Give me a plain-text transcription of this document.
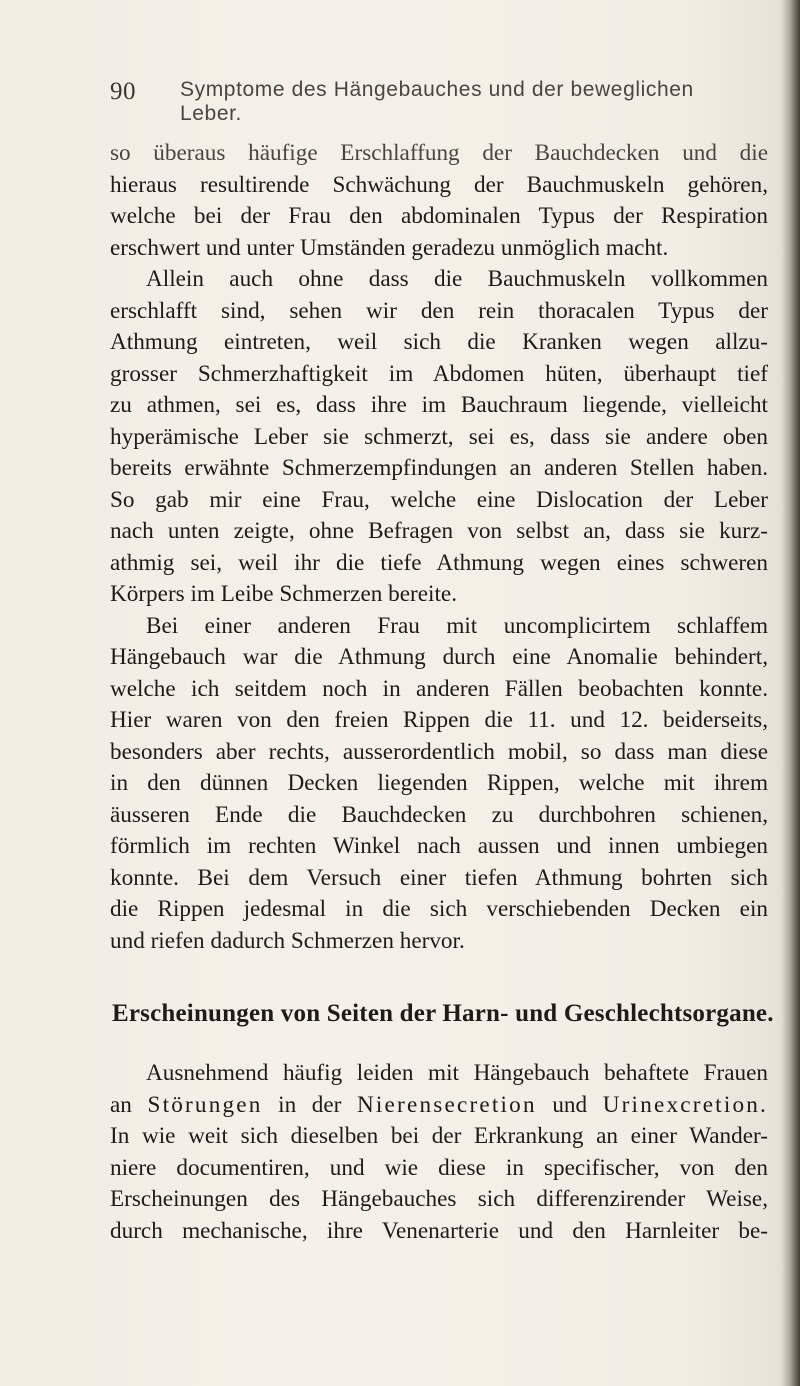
90 Symptome des Hängebauches und der beweglichen Leber.

so überaus häufige Erschlaffung der Bauchdecken und die
hieraus resultirende Schwächung der Bauchmuskeln gehören,
welche bei der Frau den abdominalen Typus der Respiration
erschwert und unter Umständen geradezu unmöglich macht.

Allein auch ohne dass die Bauchmuskeln vollkommen
erschlafft sind, sehen wir den rein thoracalen Typus der
Athmung eintreten, weil sich die Kranken wegen allzu-
grosser Schmerzhaftigkeit im Abdomen hüten, überhaupt tief
zu athmen, sei es, dass ihre im Bauchraum liegende, vielleicht
hyperämische Leber sie schmerzt, sei es, dass sie andere oben
bereits erwähnte Schmerzempfindungen an anderen Stellen haben.
So gab mir eine Frau, welche eine Dislocation der Leber
nach unten zeigte, ohne Befragen von selbst an, dass sie kurz-
athmig sei, weil ihr die tiefe Athmung wegen eines schweren
Körpers im Leibe Schmerzen bereite.

Bei einer anderen Frau mit uncomplicirtem schlaffem
Hängebauch war die Athmung durch eine Anomalie behindert,
welche ich seitdem noch in anderen Fällen beobachten konnte.
Hier waren von den freien Rippen die 11. und 12. beiderseits,
besonders aber rechts, ausserordentlich mobil, so dass man diese
in den dünnen Decken liegenden Rippen, welche mit ihrem
äusseren Ende die Bauchdecken zu durchbohren schienen,
förmlich im rechten Winkel nach aussen und innen umbiegen
konnte. Bei dem Versuch einer tiefen Athmung bohrten sich
die Rippen jedesmal in die sich verschiebenden Decken ein
und riefen dadurch Schmerzen hervor.

Erscheinungen von Seiten der Harn- und Geschlechtsorgane.

Ausnehmend häufig leiden mit Hängebauch behaftete Frauen
an Störungen in der Nierensecretion und Urinexcretion.
In wie weit sich dieselben bei der Erkrankung an einer Wander-
niere documentiren, und wie diese in specifischer, von den
Erscheinungen des Hängebauches sich differenzirender Weise,
durch mechanische, ihre Venenarterie und den Harnleiter be-
